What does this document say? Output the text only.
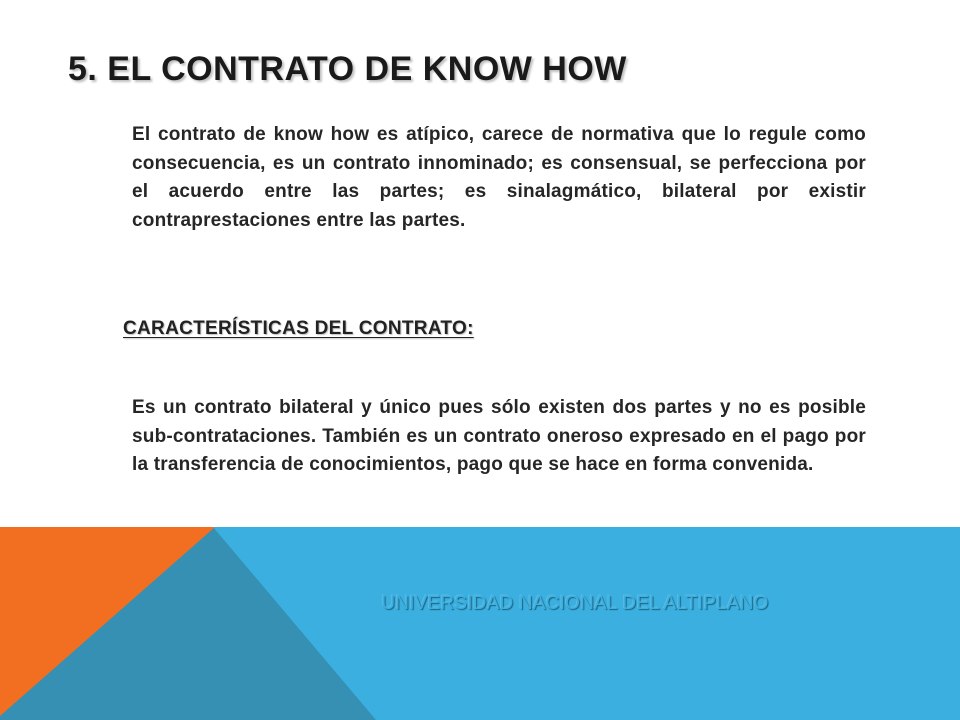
5. EL CONTRATO DE KNOW HOW

El contrato de know how es atípico, carece de normativa que lo regule como consecuencia, es un contrato innominado; es consensual, se perfecciona por el acuerdo entre las partes; es sinalagmático, bilateral por existir contraprestaciones entre las partes.

CARACTERÍSTICAS DEL CONTRATO:

Es un contrato bilateral y único pues sólo existen dos partes y no es posible sub-contrataciones. También es un contrato oneroso expresado en el pago por la transferencia de conocimientos, pago que se hace en forma convenida.

UNIVERSIDAD NACIONAL DEL ALTIPLANO
